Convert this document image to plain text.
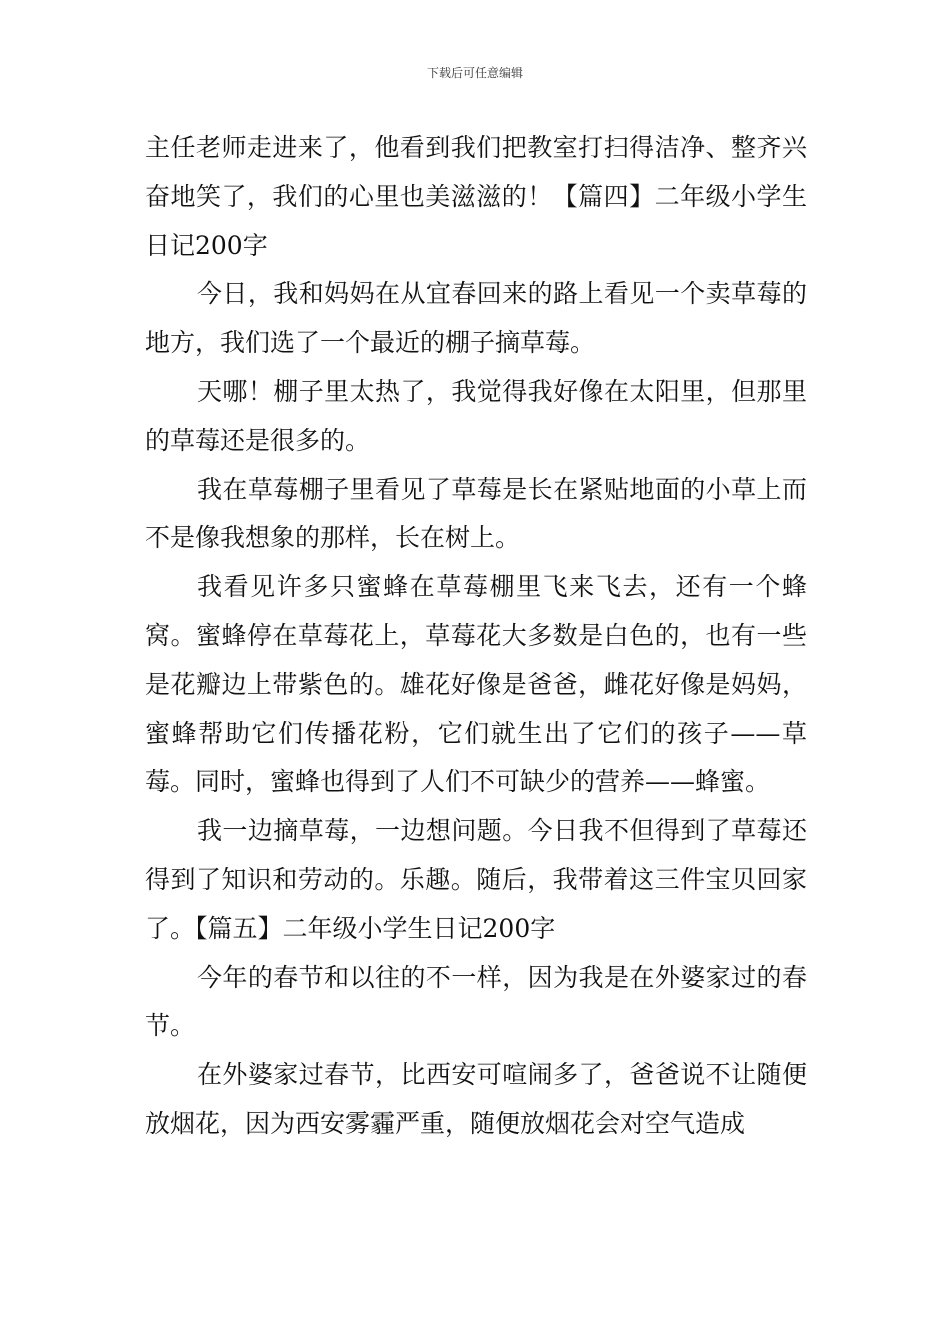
下载后可任意编辑

主任老师走进来了，他看到我们把教室打扫得洁净、整齐兴奋地笑了，我们的心里也美滋滋的！【篇四】二年级小学生日记200字

今日，我和妈妈在从宜春回来的路上看见一个卖草莓的地方，我们选了一个最近的棚子摘草莓。

天哪！棚子里太热了，我觉得我好像在太阳里，但那里的草莓还是很多的。

我在草莓棚子里看见了草莓是长在紧贴地面的小草上而不是像我想象的那样，长在树上。

我看见许多只蜜蜂在草莓棚里飞来飞去，还有一个蜂窝。蜜蜂停在草莓花上，草莓花大多数是白色的，也有一些是花瓣边上带紫色的。雄花好像是爸爸，雌花好像是妈妈，蜜蜂帮助它们传播花粉，它们就生出了它们的孩子——草莓。同时，蜜蜂也得到了人们不可缺少的营养——蜂蜜。

我一边摘草莓，一边想问题。今日我不但得到了草莓还得到了知识和劳动的。乐趣。随后，我带着这三件宝贝回家了。【篇五】二年级小学生日记200字

今年的春节和以往的不一样，因为我是在外婆家过的春节。

在外婆家过春节，比西安可喧闹多了，爸爸说不让随便放烟花，因为西安雾霾严重，随便放烟花会对空气造成
